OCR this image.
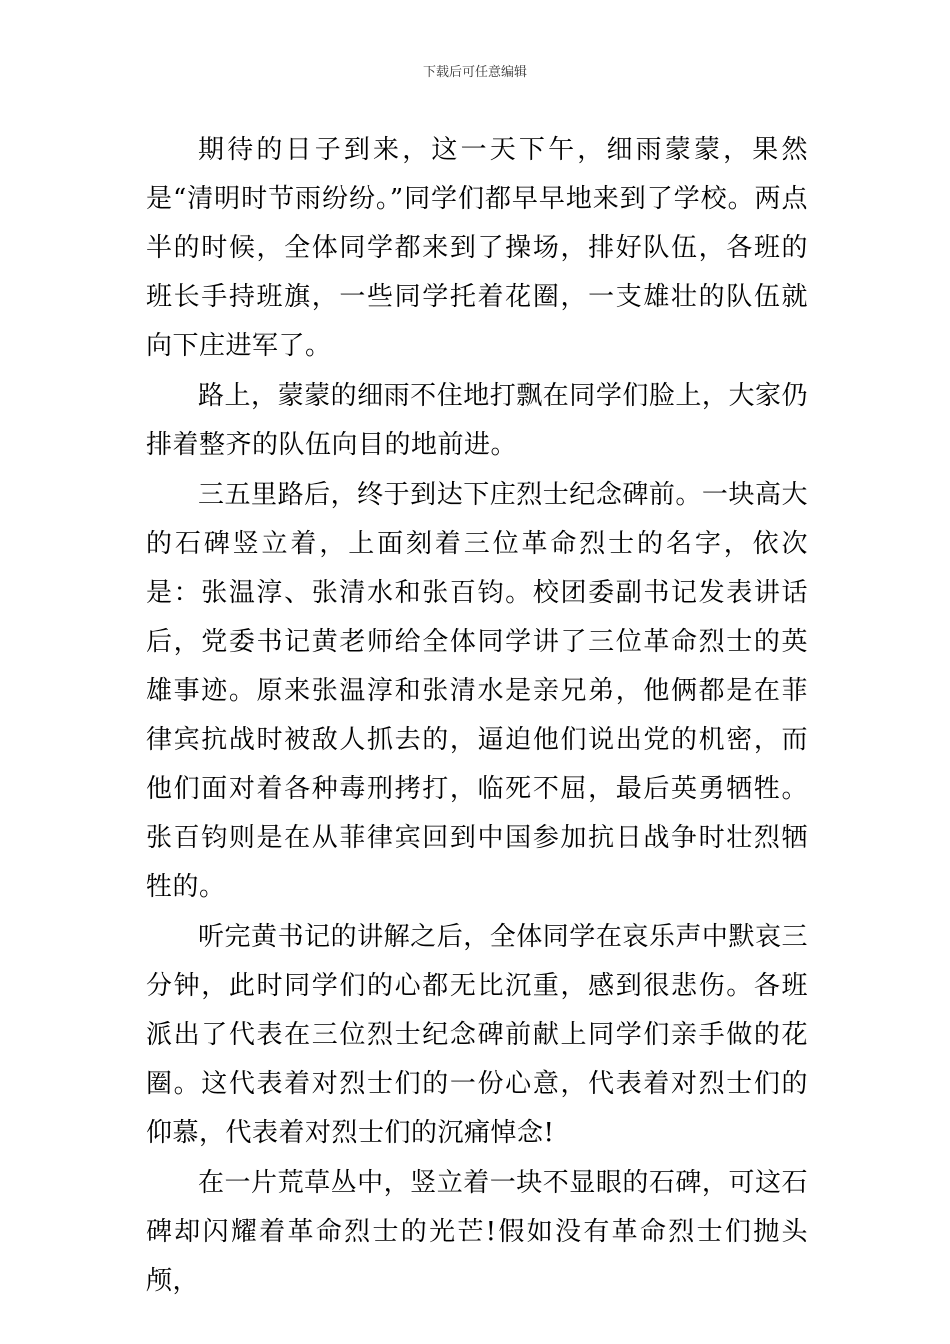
下载后可任意编辑

期待的日子到来，这一天下午，细雨蒙蒙，果然是“清明时节雨纷纷。”同学们都早早地来到了学校。两点半的时候，全体同学都来到了操场，排好队伍，各班的班长手持班旗，一些同学托着花圈，一支雄壮的队伍就向下庄进军了。

路上，蒙蒙的细雨不住地打飘在同学们脸上，大家仍排着整齐的队伍向目的地前进。

三五里路后，终于到达下庄烈士纪念碑前。一块高大的石碑竖立着，上面刻着三位革命烈士的名字，依次是：张温淳、张清水和张百钧。校团委副书记发表讲话后，党委书记黄老师给全体同学讲了三位革命烈士的英雄事迹。原来张温淳和张清水是亲兄弟，他俩都是在菲律宾抗战时被敌人抓去的，逼迫他们说出党的机密，而他们面对着各种毒刑拷打，临死不屈，最后英勇牺牲。张百钧则是在从菲律宾回到中国参加抗日战争时壮烈牺牲的。

听完黄书记的讲解之后，全体同学在哀乐声中默哀三分钟，此时同学们的心都无比沉重，感到很悲伤。各班派出了代表在三位烈士纪念碑前献上同学们亲手做的花圈。这代表着对烈士们的一份心意，代表着对烈士们的仰慕，代表着对烈士们的沉痛悼念!

在一片荒草丛中，竖立着一块不显眼的石碑，可这石碑却闪耀着革命烈士的光芒!假如没有革命烈士们抛头颅，
